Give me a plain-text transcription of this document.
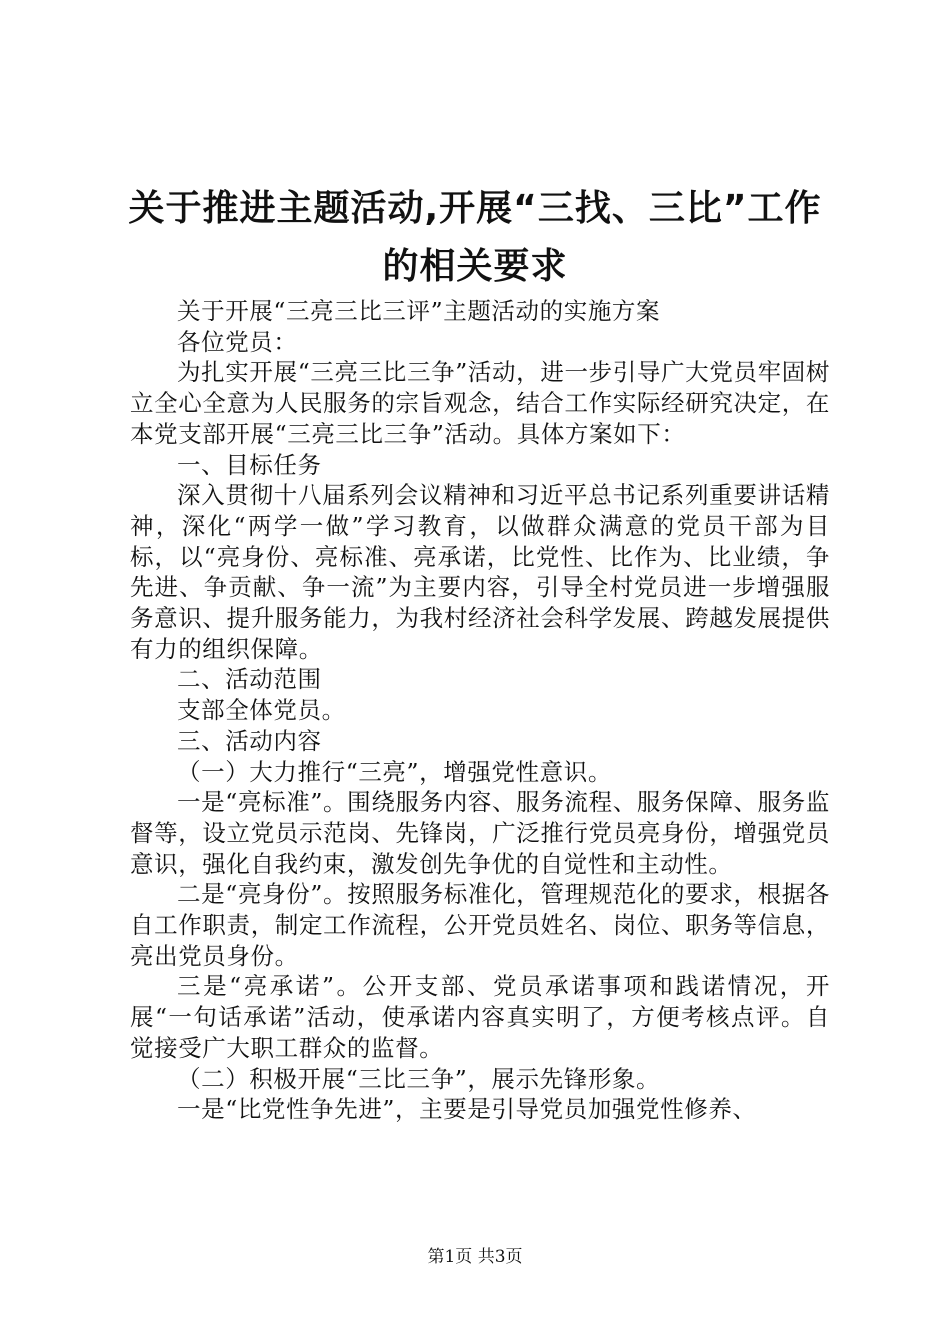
关于推进主题活动,开展“三找、三比”工作
的相关要求

关于开展“三亮三比三评”主题活动的实施方案

各位党员：

为扎实开展“三亮三比三争”活动，进一步引导广大党员牢固树立全心全意为人民服务的宗旨观念，结合工作实际经研究决定，在本党支部开展“三亮三比三争”活动。具体方案如下：

一、目标任务

深入贯彻十八届系列会议精神和习近平总书记系列重要讲话精神，深化“两学一做”学习教育，以做群众满意的党员干部为目标，以“亮身份、亮标准、亮承诺，比党性、比作为、比业绩，争先进、争贡献、争一流”为主要内容，引导全村党员进一步增强服务意识、提升服务能力，为我村经济社会科学发展、跨越发展提供有力的组织保障。

二、活动范围

支部全体党员。

三、活动内容

（一）大力推行“三亮”，增强党性意识。

一是“亮标准”。围绕服务内容、服务流程、服务保障、服务监督等，设立党员示范岗、先锋岗，广泛推行党员亮身份，增强党员意识，强化自我约束，激发创先争优的自觉性和主动性。

二是“亮身份”。按照服务标准化，管理规范化的要求，根据各自工作职责，制定工作流程，公开党员姓名、岗位、职务等信息，亮出党员身份。

三是“亮承诺”。公开支部、党员承诺事项和践诺情况，开展“一句话承诺”活动，使承诺内容真实明了，方便考核点评。自觉接受广大职工群众的监督。

（二）积极开展“三比三争”，展示先锋形象。

一是“比党性争先进”，主要是引导党员加强党性修养、

第1页 共3页
